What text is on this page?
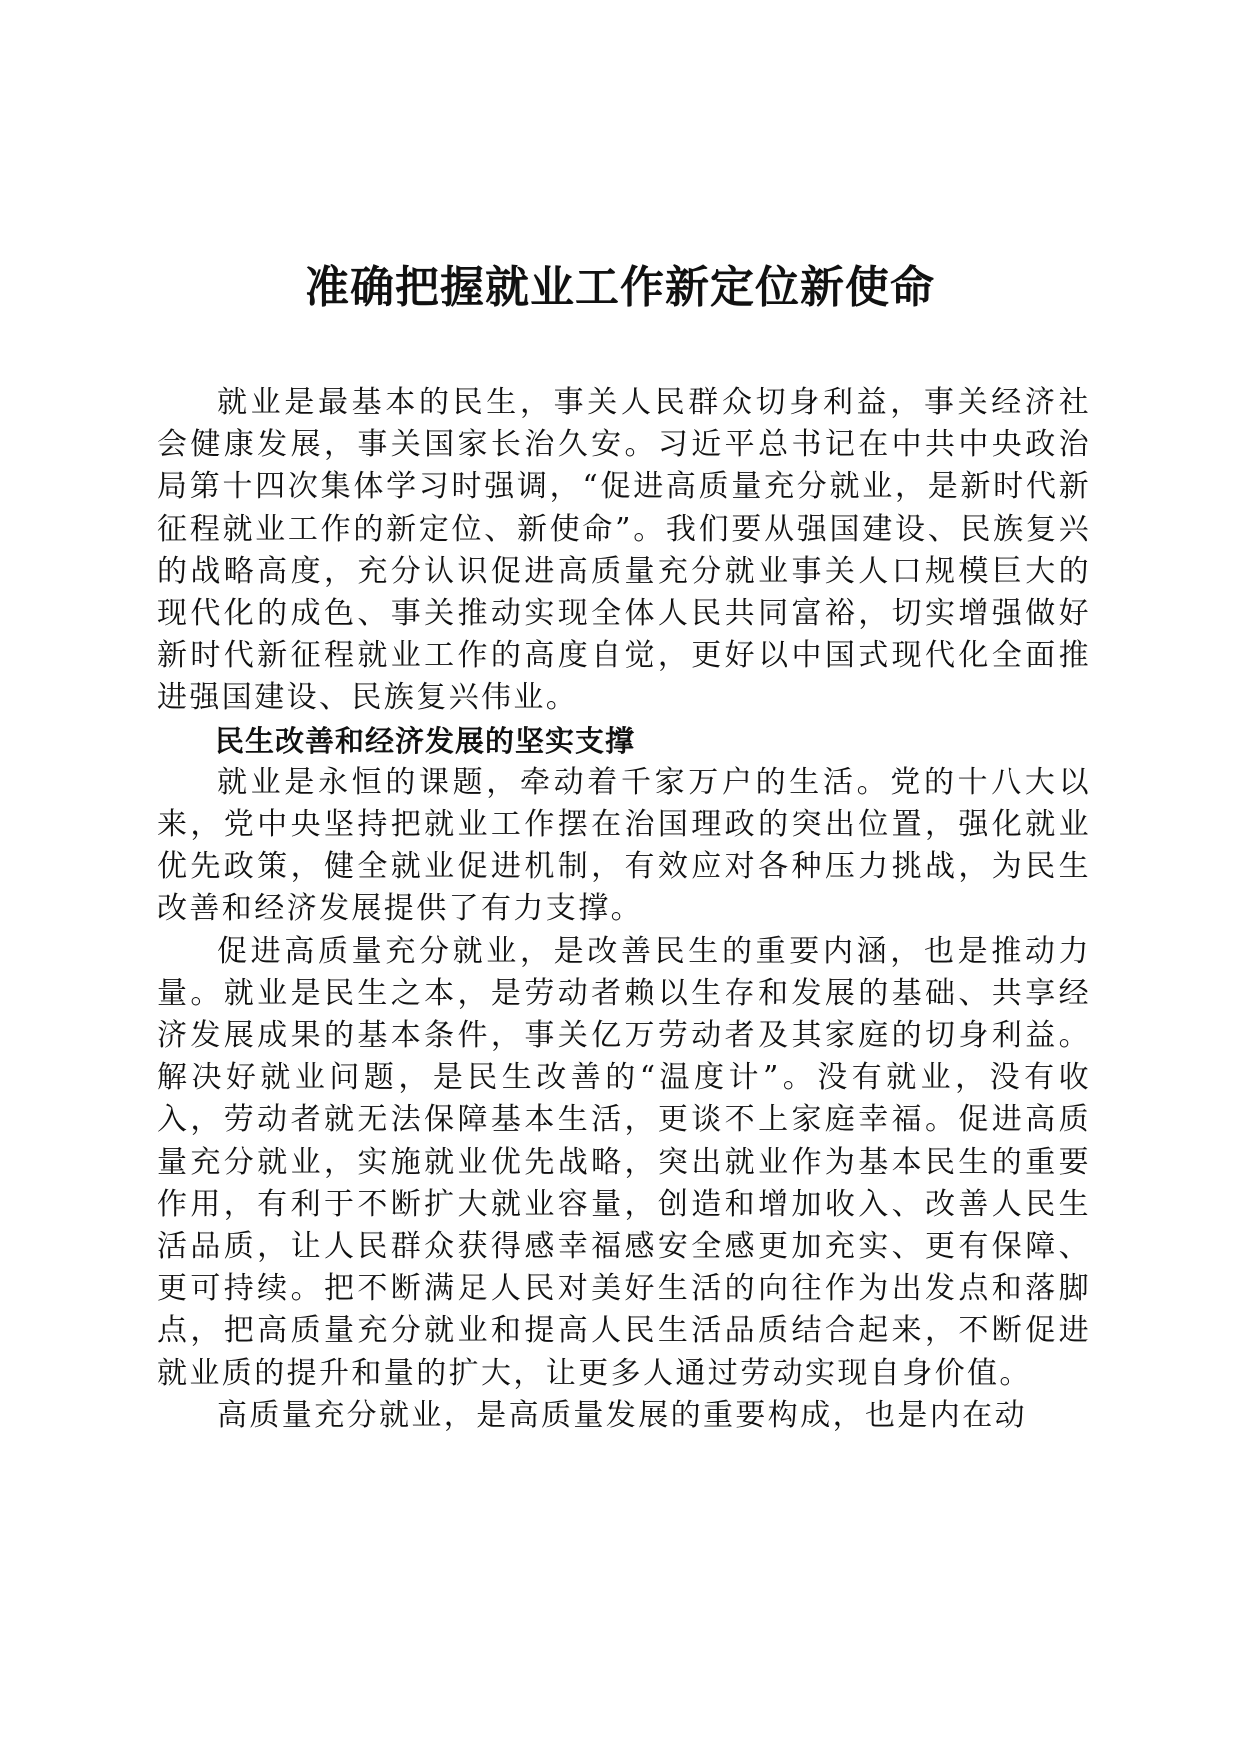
准确把握就业工作新定位新使命

就业是最基本的民生，事关人民群众切身利益，事关经济社会健康发展，事关国家长治久安。习近平总书记在中共中央政治局第十四次集体学习时强调，“促进高质量充分就业，是新时代新征程就业工作的新定位、新使命”。我们要从强国建设、民族复兴的战略高度，充分认识促进高质量充分就业事关人口规模巨大的现代化的成色、事关推动实现全体人民共同富裕，切实增强做好新时代新征程就业工作的高度自觉，更好以中国式现代化全面推进强国建设、民族复兴伟业。

民生改善和经济发展的坚实支撑

就业是永恒的课题，牵动着千家万户的生活。党的十八大以来，党中央坚持把就业工作摆在治国理政的突出位置，强化就业优先政策，健全就业促进机制，有效应对各种压力挑战，为民生改善和经济发展提供了有力支撑。

促进高质量充分就业，是改善民生的重要内涵，也是推动力量。就业是民生之本，是劳动者赖以生存和发展的基础、共享经济发展成果的基本条件，事关亿万劳动者及其家庭的切身利益。解决好就业问题，是民生改善的“温度计”。没有就业，没有收入，劳动者就无法保障基本生活，更谈不上家庭幸福。促进高质量充分就业，实施就业优先战略，突出就业作为基本民生的重要作用，有利于不断扩大就业容量，创造和增加收入、改善人民生活品质，让人民群众获得感幸福感安全感更加充实、更有保障、更可持续。把不断满足人民对美好生活的向往作为出发点和落脚点，把高质量充分就业和提高人民生活品质结合起来，不断促进就业质的提升和量的扩大，让更多人通过劳动实现自身价值。

高质量充分就业，是高质量发展的重要构成，也是内在动
